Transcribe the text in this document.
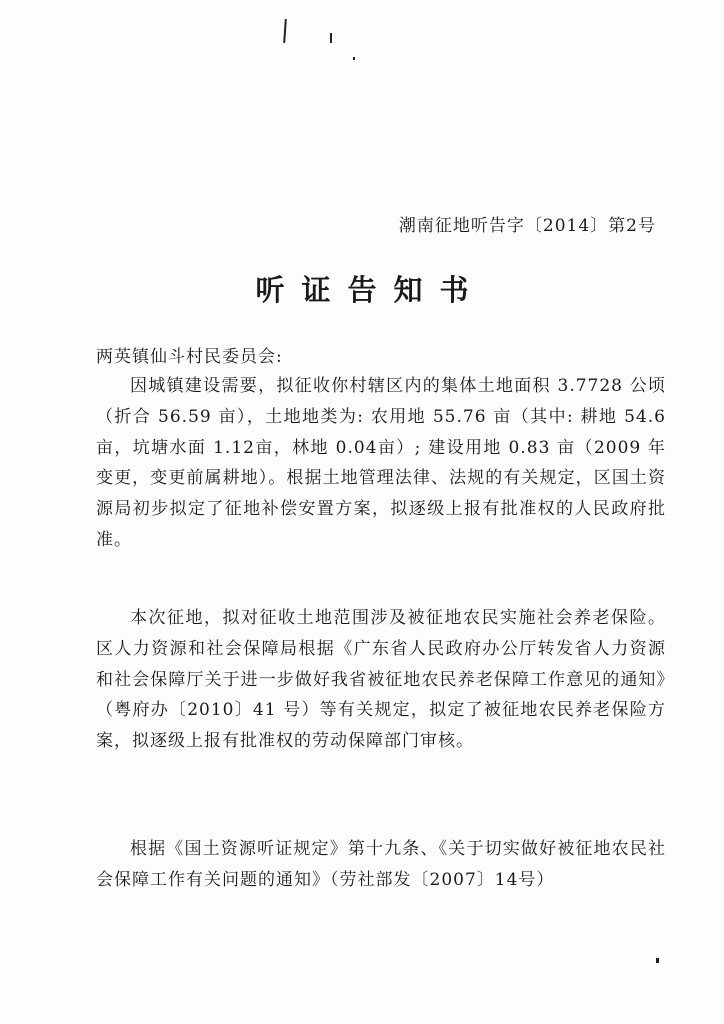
潮南征地听告字〔2014〕第2号
听证告知书
两英镇仙斗村民委员会:
因城镇建设需要，拟征收你村辖区内的集体土地面积 3.7728 公顷（折合 56.59 亩），土地地类为: 农用地 55.76 亩（其中: 耕地 54.6亩，坑塘水面 1.12亩，林地 0.04亩）; 建设用地 0.83 亩（2009 年变更，变更前属耕地）。根据土地管理法律、法规的有关规定，区国土资源局初步拟定了征地补偿安置方案，拟逐级上报有批准权的人民政府批准。
本次征地，拟对征收土地范围涉及被征地农民实施社会养老保险。区人力资源和社会保障局根据《广东省人民政府办公厅转发省人力资源和社会保障厅关于进一步做好我省被征地农民养老保障工作意见的通知》（粤府办〔2010〕41 号）等有关规定，拟定了被征地农民养老保险方案，拟逐级上报有批准权的劳动保障部门审核。
根据《国土资源听证规定》第十九条、《关于切实做好被征地农民社会保障工作有关问题的通知》（劳社部发〔2007〕14号）
